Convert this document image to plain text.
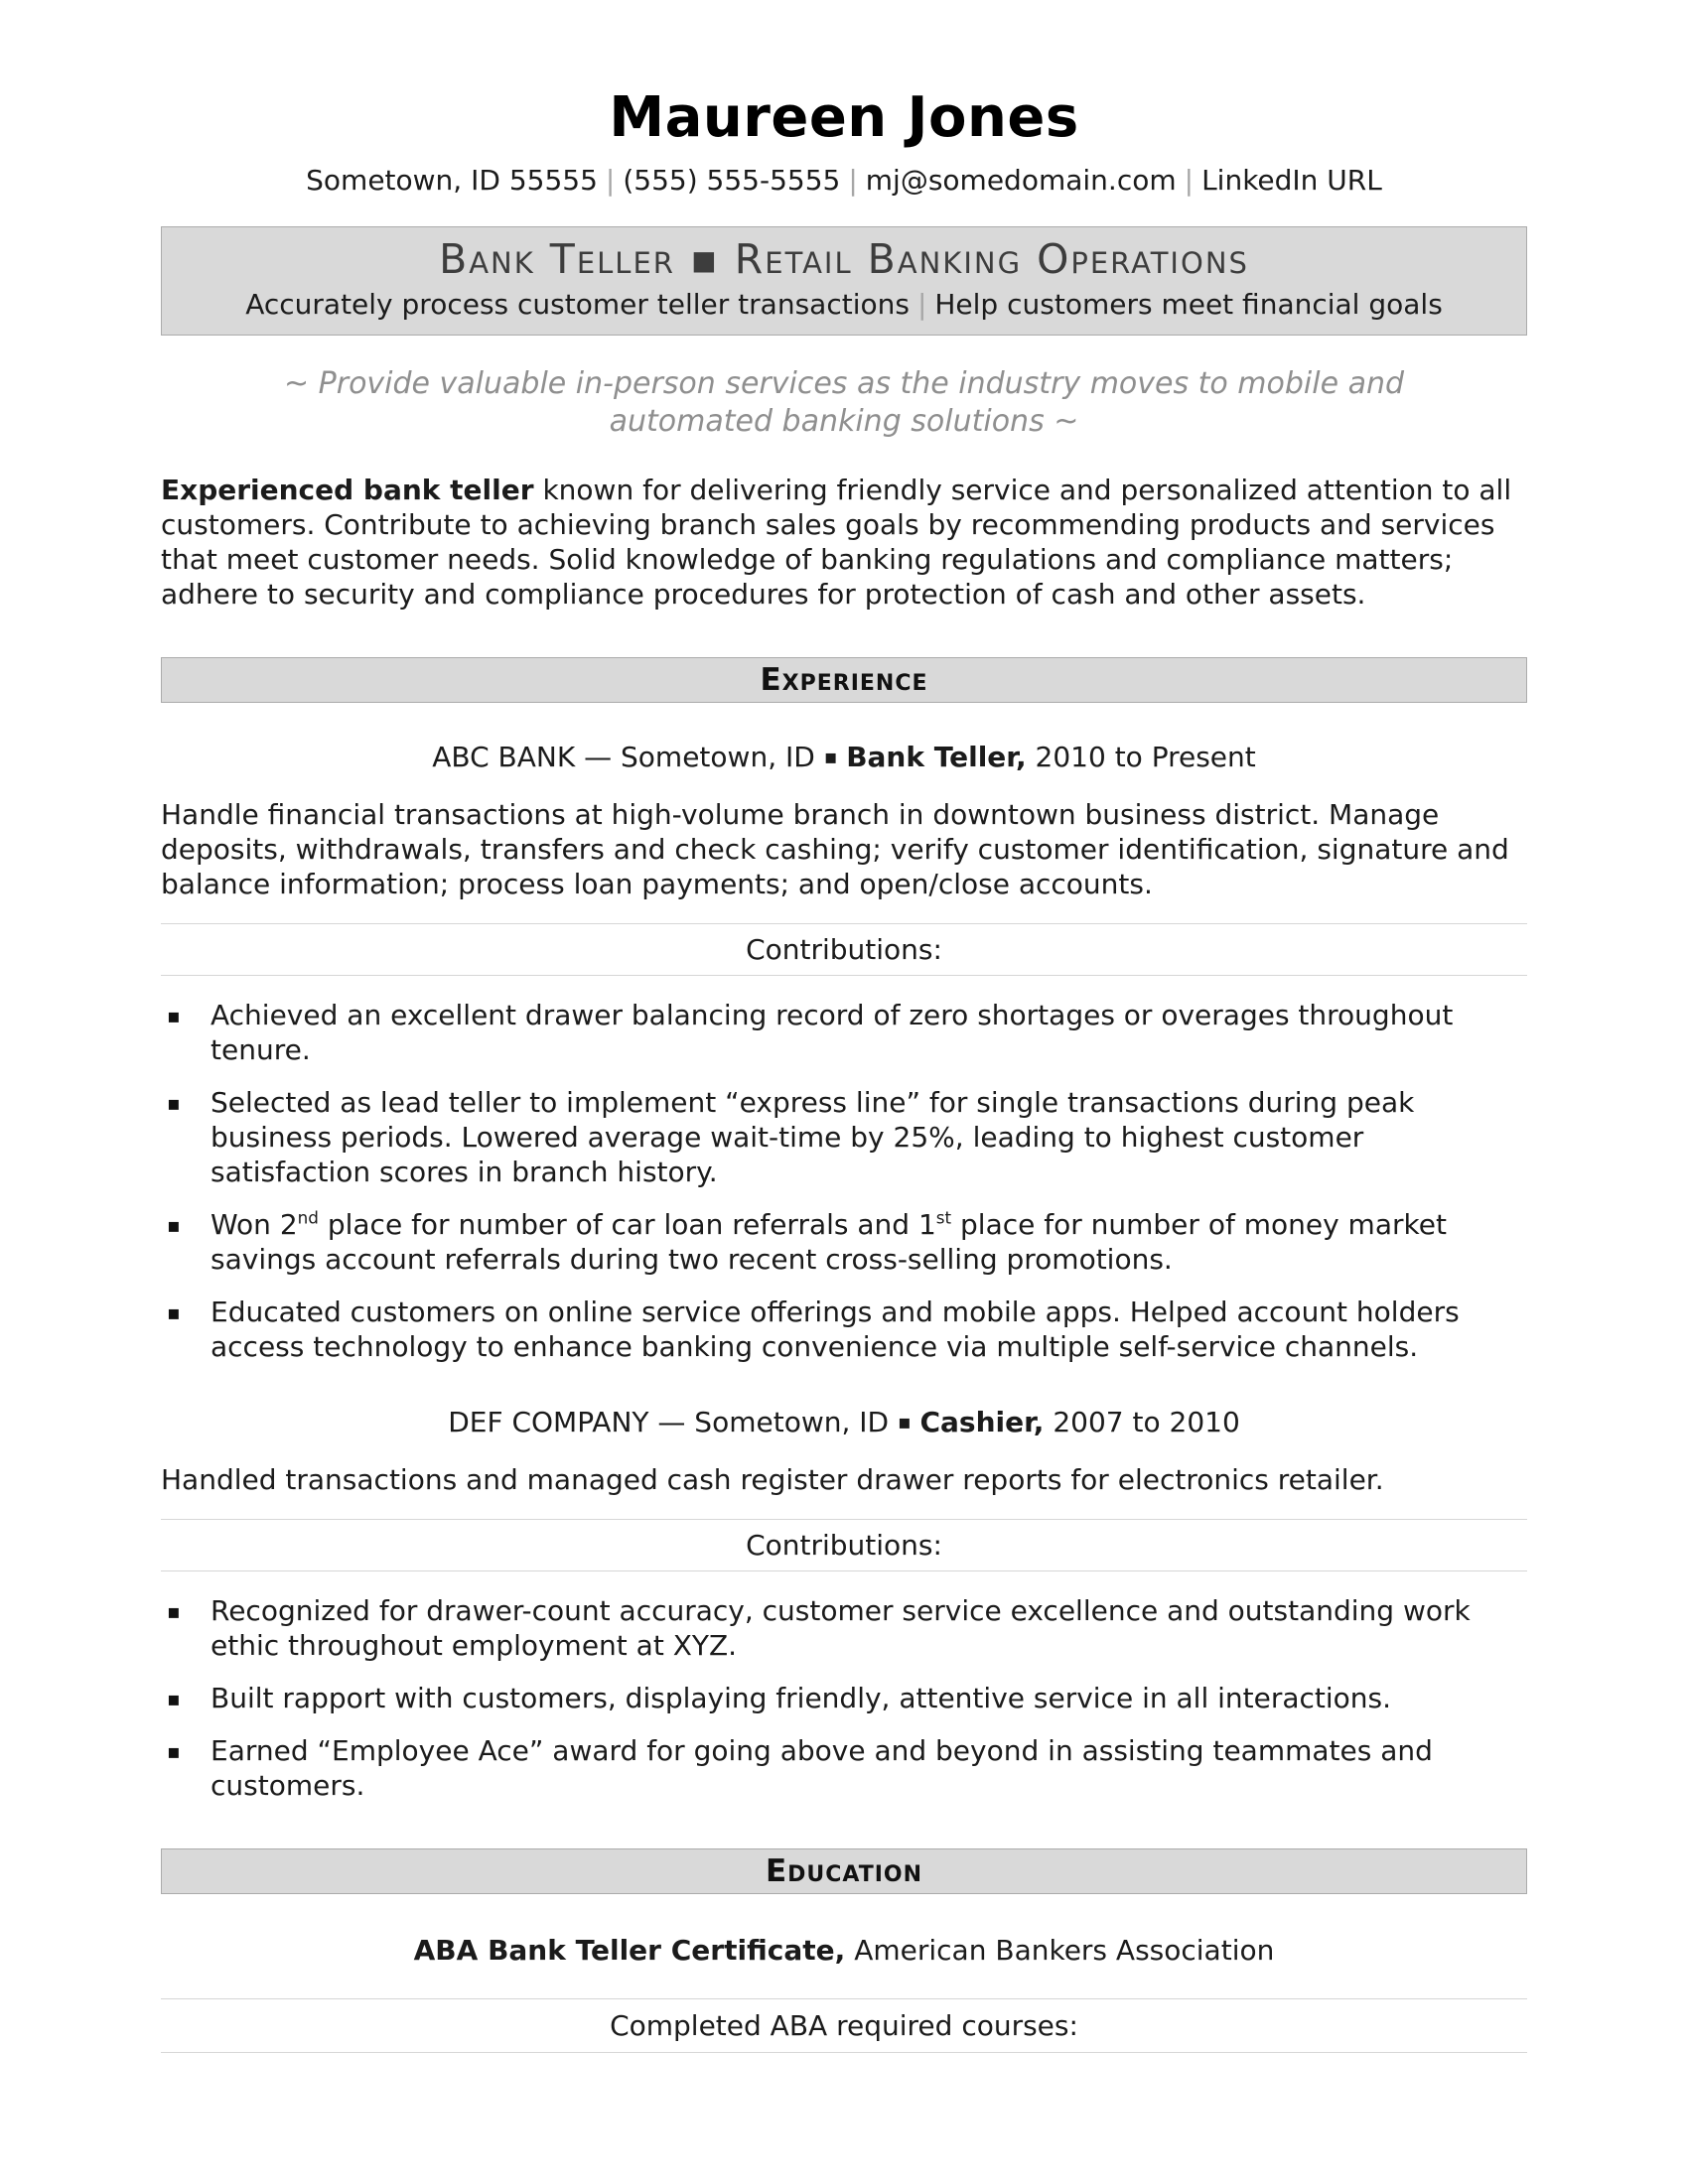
Maureen Jones

Sometown, ID 55555 | (555) 555-5555 | mj@somedomain.com | LinkedIn URL

Bank Teller ▪ Retail Banking Operations
Accurately process customer teller transactions | Help customers meet financial goals

~ Provide valuable in-person services as the industry moves to mobile and automated banking solutions ~

Experienced bank teller known for delivering friendly service and personalized attention to all customers. Contribute to achieving branch sales goals by recommending products and services that meet customer needs. Solid knowledge of banking regulations and compliance matters; adhere to security and compliance procedures for protection of cash and other assets.

Experience

ABC BANK — Sometown, ID ▪ Bank Teller, 2010 to Present

Handle financial transactions at high-volume branch in downtown business district. Manage deposits, withdrawals, transfers and check cashing; verify customer identification, signature and balance information; process loan payments; and open/close accounts.

Contributions:
▪ Achieved an excellent drawer balancing record of zero shortages or overages throughout tenure.
▪ Selected as lead teller to implement “express line” for single transactions during peak business periods. Lowered average wait-time by 25%, leading to highest customer satisfaction scores in branch history.
▪ Won 2nd place for number of car loan referrals and 1st place for number of money market savings account referrals during two recent cross-selling promotions.
▪ Educated customers on online service offerings and mobile apps. Helped account holders access technology to enhance banking convenience via multiple self-service channels.

DEF COMPANY — Sometown, ID ▪ Cashier, 2007 to 2010

Handled transactions and managed cash register drawer reports for electronics retailer.

Contributions:
▪ Recognized for drawer-count accuracy, customer service excellence and outstanding work ethic throughout employment at XYZ.
▪ Built rapport with customers, displaying friendly, attentive service in all interactions.
▪ Earned “Employee Ace” award for going above and beyond in assisting teammates and customers.
Education

ABA Bank Teller Certificate, American Bankers Association

Completed ABA required courses:
